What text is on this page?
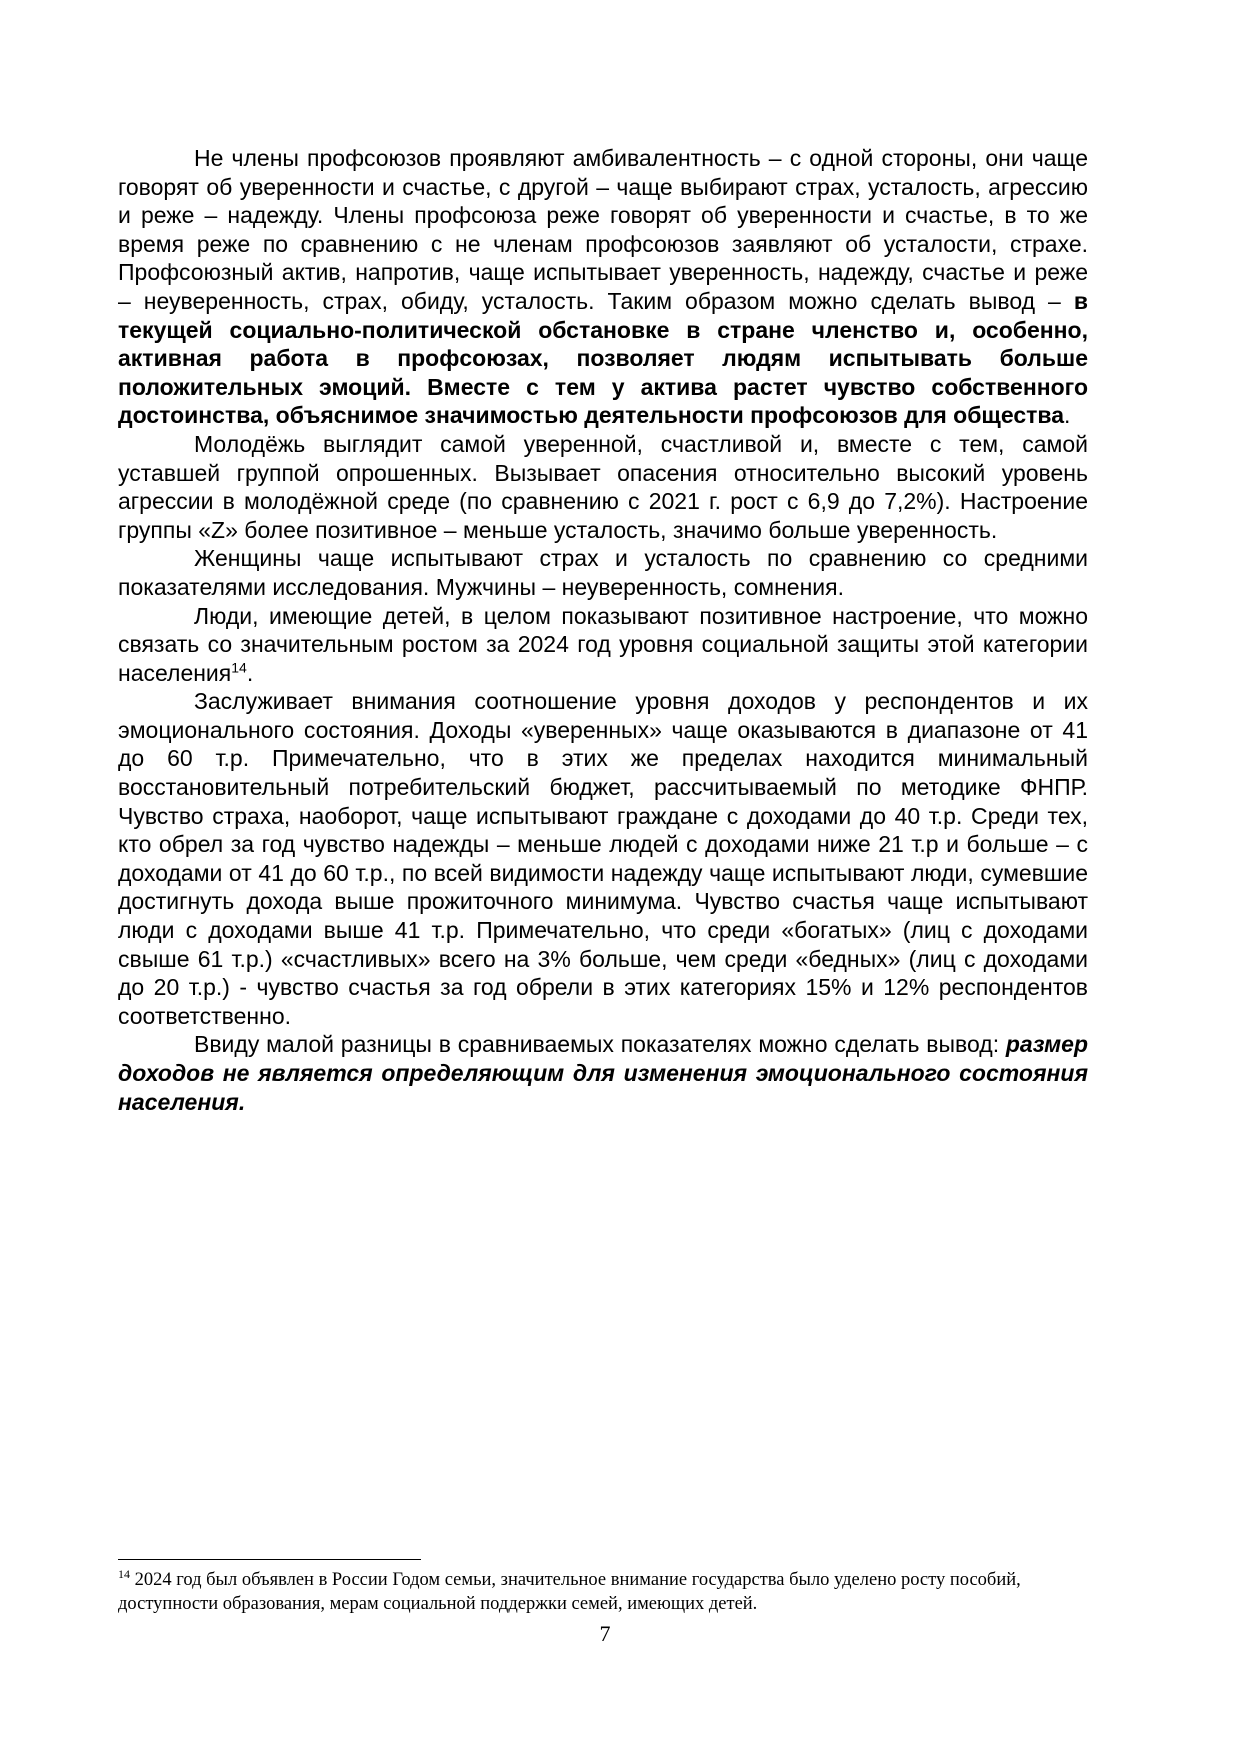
Не члены профсоюзов проявляют амбивалентность – с одной стороны, они чаще говорят об уверенности и счастье, с другой – чаще выбирают страх, усталость, агрессию и реже – надежду. Члены профсоюза реже говорят об уверенности и счастье, в то же время реже по сравнению с не членам профсоюзов заявляют об усталости, страхе. Профсоюзный актив, напротив, чаще испытывает уверенность, надежду, счастье и реже – неуверенность, страх, обиду, усталость. Таким образом можно сделать вывод – в текущей социально-политической обстановке в стране членство и, особенно, активная работа в профсоюзах, позволяет людям испытывать больше положительных эмоций. Вместе с тем у актива растет чувство собственного достоинства, объяснимое значимостью деятельности профсоюзов для общества.

Молодёжь выглядит самой уверенной, счастливой и, вместе с тем, самой уставшей группой опрошенных. Вызывает опасения относительно высокий уровень агрессии в молодёжной среде (по сравнению с 2021 г. рост с 6,9 до 7,2%). Настроение группы «Z» более позитивное – меньше усталость, значимо больше уверенность.

Женщины чаще испытывают страх и усталость по сравнению со средними показателями исследования. Мужчины – неуверенность, сомнения.

Люди, имеющие детей, в целом показывают позитивное настроение, что можно связать со значительным ростом за 2024 год уровня социальной защиты этой категории населения$^{14}$.

Заслуживает внимания соотношение уровня доходов у респондентов и их эмоционального состояния. Доходы «уверенных» чаще оказываются в диапазоне от 41 до 60 т.р. Примечательно, что в этих же пределах находится минимальный восстановительный потребительский бюджет, рассчитываемый по методике ФНПР. Чувство страха, наоборот, чаще испытывают граждане с доходами до 40 т.р. Среди тех, кто обрел за год чувство надежды – меньше людей с доходами ниже 21 т.р и больше – с доходами от 41 до 60 т.р., по всей видимости надежду чаще испытывают люди, сумевшие достигнуть дохода выше прожиточного минимума. Чувство счастья чаще испытывают люди с доходами выше 41 т.р. Примечательно, что среди «богатых» (лиц с доходами свыше 61 т.р.) «счастливых» всего на 3% больше, чем среди «бедных» (лиц с доходами до 20 т.р.) - чувство счастья за год обрели в этих категориях 15% и 12% респондентов соответственно.

Ввиду малой разницы в сравниваемых показателях можно сделать вывод: размер доходов не является определяющим для изменения эмоционального состояния населения.

$^{14}$ 2024 год был объявлен в России Годом семьи, значительное внимание государства было уделено росту пособий, доступности образования, мерам социальной поддержки семей, имеющих детей.

7
